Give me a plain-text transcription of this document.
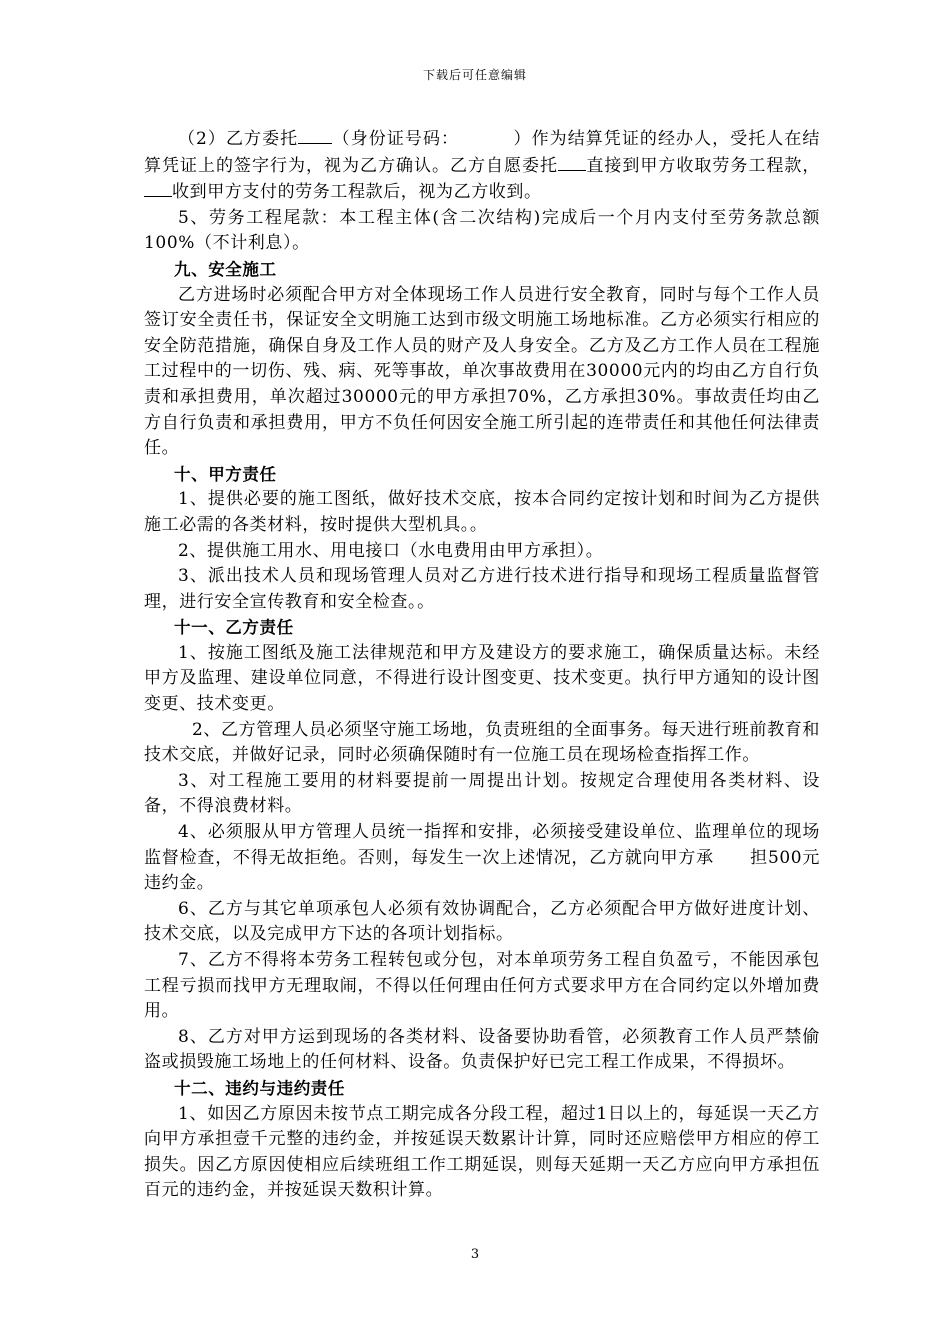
下载后可任意编辑

（2）乙方委托 （身份证号码：	）作为结算凭证的经办人，受托人在结算凭证上的签字行为，视为乙方确认。乙方自愿委托 直接到甲方收取劳务工程款，收到甲方支付的劳务工程款后，视为乙方收到。

5、劳务工程尾款：本工程主体(含二次结构)完成后一个月内支付至劳务款总额100%（不计利息）。

九、安全施工

乙方进场时必须配合甲方对全体现场工作人员进行安全教育，同时与每个工作人员签订安全责任书，保证安全文明施工达到市级文明施工场地标准。乙方必须实行相应的安全防范措施，确保自身及工作人员的财产及人身安全。乙方及乙方工作人员在工程施工过程中的一切伤、残、病、死等事故，单次事故费用在30000元内的均由乙方自行负责和承担费用，单次超过30000元的甲方承担70%，乙方承担30%。事故责任均由乙方自行负责和承担费用，甲方不负任何因安全施工所引起的连带责任和其他任何法律责任。

十、甲方责任

1、提供必要的施工图纸，做好技术交底，按本合同约定按计划和时间为乙方提供施工必需的各类材料，按时提供大型机具。。

2、提供施工用水、用电接口（水电费用由甲方承担）。

3、派出技术人员和现场管理人员对乙方进行技术进行指导和现场工程质量监督管理，进行安全宣传教育和安全检查。。

十一、乙方责任

1、按施工图纸及施工法律规范和甲方及建设方的要求施工，确保质量达标。未经甲方及监理、建设单位同意，不得进行设计图变更、技术变更。执行甲方通知的设计图变更、技术变更。

2、乙方管理人员必须坚守施工场地，负责班组的全面事务。每天进行班前教育和技术交底，并做好记录，同时必须确保随时有一位施工员在现场检查指挥工作。

3、对工程施工要用的材料要提前一周提出计划。按规定合理使用各类材料、设备，不得浪费材料。

4、必须服从甲方管理人员统一指挥和安排，必须接受建设单位、监理单位的现场监督检查，不得无故拒绝。否则，每发生一次上述情况，乙方就向甲方承 担500元违约金。

6、乙方与其它单项承包人必须有效协调配合，乙方必须配合甲方做好进度计划、技术交底，以及完成甲方下达的各项计划指标。

7、乙方不得将本劳务工程转包或分包，对本单项劳务工程自负盈亏，不能因承包工程亏损而找甲方无理取闹，不得以任何理由任何方式要求甲方在合同约定以外增加费用。

8、乙方对甲方运到现场的各类材料、设备要协助看管，必须教育工作人员严禁偷盗或损毁施工场地上的任何材料、设备。负责保护好已完工程工作成果，不得损坏。

十二、违约与违约责任

1、如因乙方原因未按节点工期完成各分段工程，超过1日以上的，每延误一天乙方向甲方承担壹千元整的违约金，并按延误天数累计计算，同时还应赔偿甲方相应的停工损失。因乙方原因使相应后续班组工作工期延误，则每天延期一天乙方应向甲方承担伍百元的违约金，并按延误天数积计算。

3
